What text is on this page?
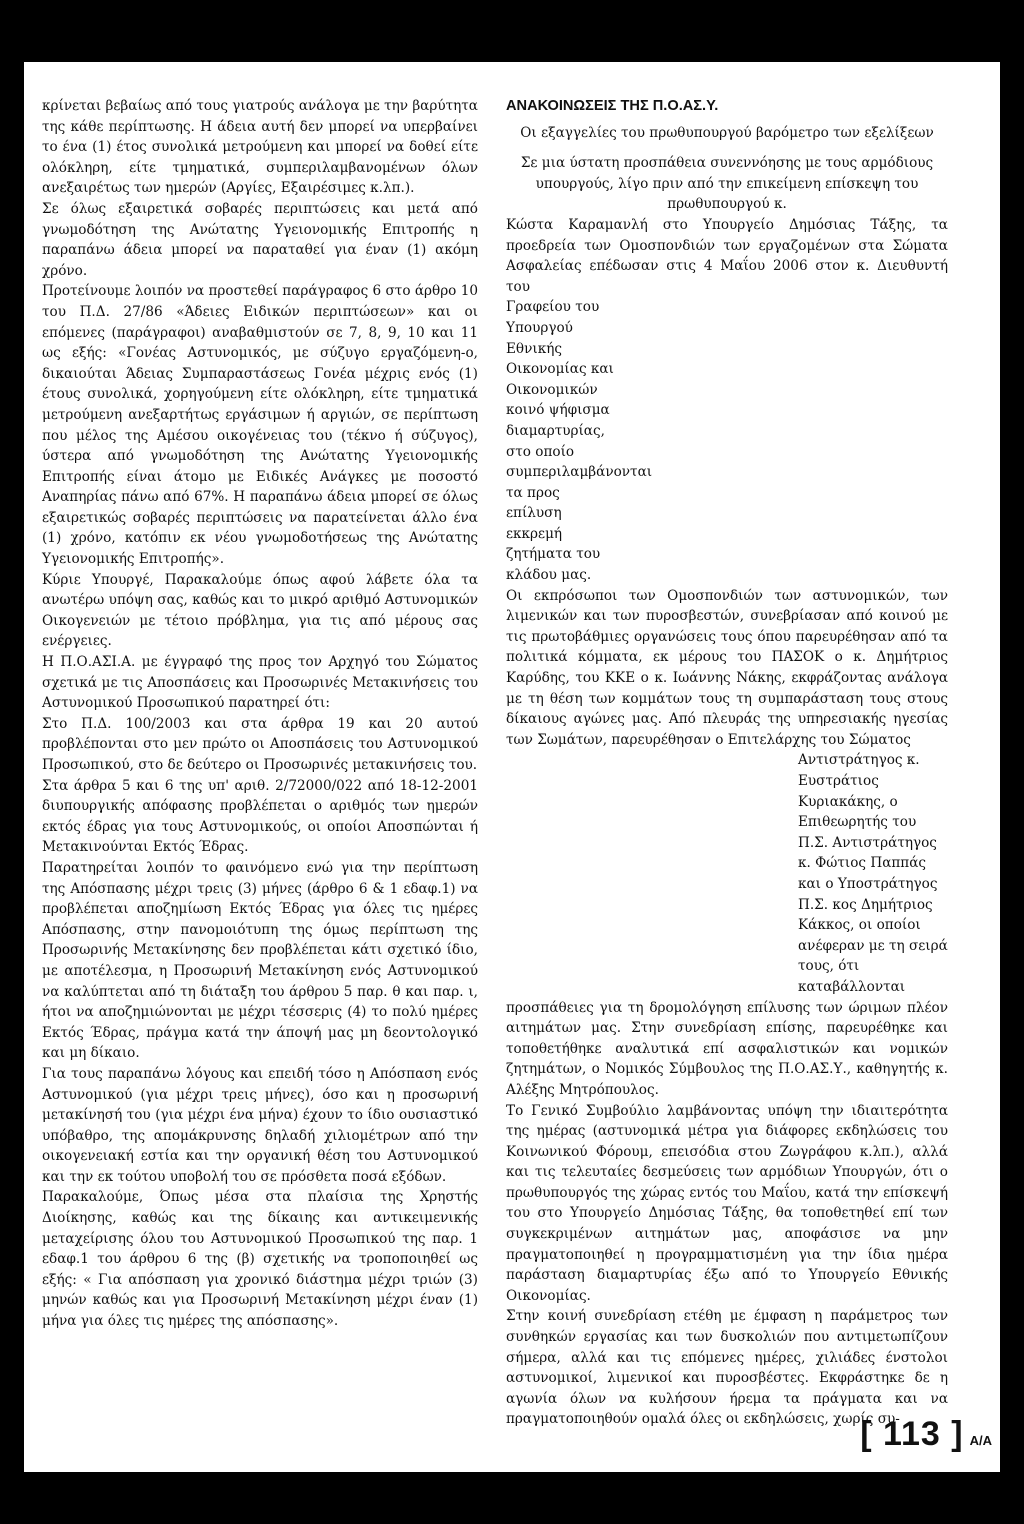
κρίνεται βεβαίως από τους γιατρούς ανάλογα με την βαρύτητα της κάθε περίπτωσης. Η άδεια αυτή δεν μπορεί να υπερβαίνει το ένα (1) έτος συνολικά μετρούμενη και μπορεί να δοθεί είτε ολόκληρη, είτε τμηματικά, συμπεριλαμβανομένων όλων ανεξαιρέτως των ημερών (Αργίες, Εξαιρέσιμες κ.λπ.).

Σε όλως εξαιρετικά σοβαρές περιπτώσεις και μετά από γνωμοδότηση της Ανώτατης Υγειονομικής Επιτροπής η παραπάνω άδεια μπορεί να παραταθεί για έναν (1) ακόμη χρόνο.

Προτείνουμε λοιπόν να προστεθεί παράγραφος 6 στο άρθρο 10 του Π.Δ. 27/86 «Άδειες Ειδικών περιπτώσεων» και οι επόμενες (παράγραφοι) αναβαθμιστούν σε 7, 8, 9, 10 και 11 ως εξής: «Γονέας Αστυνομικός, με σύζυγο εργαζόμενη-ο, δικαιούται Άδειας Συμπαραστάσεως Γονέα μέχρις ενός (1) έτους συνολικά, χορηγούμενη είτε ολόκληρη, είτε τμηματικά μετρούμενη ανεξαρτήτως εργάσιμων ή αργιών, σε περίπτωση που μέλος της Αμέσου οικογένειας του (τέκνο ή σύζυγος), ύστερα από γνωμοδότηση της Ανώτατης Υγειονομικής Επιτροπής είναι άτομο με Ειδικές Ανάγκες με ποσοστό Αναπηρίας πάνω από 67%. Η παραπάνω άδεια μπορεί σε όλως εξαιρετικώς σοβαρές περιπτώσεις να παρατείνεται άλλο ένα (1) χρόνο, κατόπιν εκ νέου γνωμοδοτήσεως της Ανώτατης Υγειονομικής Επιτροπής».

Κύριε Υπουργέ, Παρακαλούμε όπως αφού λάβετε όλα τα ανωτέρω υπόψη σας, καθώς και το μικρό αριθμό Αστυνομικών Οικογενειών με τέτοιο πρόβλημα, για τις από μέρους σας ενέργειες.

Η Π.Ο.ΑΣΙ.Α. με έγγραφό της προς τον Αρχηγό του Σώματος σχετικά με τις Αποσπάσεις και Προσωρινές Μετακινήσεις του Αστυνομικού Προσωπικού παρατηρεί ότι:

Στο Π.Δ. 100/2003 και στα άρθρα 19 και 20 αυτού προβλέπονται στο μεν πρώτο οι Αποσπάσεις του Αστυνομικού Προσωπικού, στο δε δεύτερο οι Προσωρινές μετακινήσεις του.

Στα άρθρα 5 και 6 της υπ' αριθ. 2/72000/022 από 18-12-2001 διυπουργικής απόφασης προβλέπεται ο αριθμός των ημερών εκτός έδρας για τους Αστυνομικούς, οι οποίοι Αποσπώνται ή Μετακινούνται Εκτός Έδρας.

Παρατηρείται λοιπόν το φαινόμενο ενώ για την περίπτωση της Απόσπασης μέχρι τρεις (3) μήνες (άρθρο 6 & 1 εδαφ.1) να προβλέπεται αποζημίωση Εκτός Έδρας για όλες τις ημέρες Απόσπασης, στην πανομοιότυπη της όμως περίπτωση της Προσωρινής Μετακίνησης δεν προβλέπεται κάτι σχετικό ίδιο, με αποτέλεσμα, η Προσωρινή Μετακίνηση ενός Αστυνομικού να καλύπτεται από τη διάταξη του άρθρου 5 παρ. θ και παρ. ι, ήτοι να αποζημιώνονται με μέχρι τέσσερις (4) το πολύ ημέρες Εκτός Έδρας, πράγμα κατά την άποψή μας μη δεοντολογικό και μη δίκαιο.

Για τους παραπάνω λόγους και επειδή τόσο η Απόσπαση ενός Αστυνομικού (για μέχρι τρεις μήνες), όσο και η προσωρινή μετακίνησή του (για μέχρι ένα μήνα) έχουν το ίδιο ουσιαστικό υπόβαθρο, της απομάκρυνσης δηλαδή χιλιομέτρων από την οικογενειακή εστία και την οργανική θέση του Αστυνομικού και την εκ τούτου υποβολή του σε πρόσθετα ποσά εξόδων.

Παρακαλούμε, Όπως μέσα στα πλαίσια της Χρηστής Διοίκησης, καθώς και της δίκαιης και αντικειμενικής μεταχείρισης όλου του Αστυνομικού Προσωπικού της παρ. 1 εδαφ.1 του άρθρου 6 της (β) σχετικής να τροποποιηθεί ως εξής: « Για απόσπαση για χρονικό διάστημα μέχρι τριών (3) μηνών καθώς και για Προσωρινή Μετακίνηση μέχρι έναν (1) μήνα για όλες τις ημέρες της απόσπασης».

ΑΝΑΚΟΙΝΩΣΕΙΣ ΤΗΣ Π.Ο.ΑΣ.Υ.

Οι εξαγγελίες του πρωθυπουργού βαρόμετρο των εξελίξεων

Σε μια ύστατη προσπάθεια συνεννόησης με τους αρμόδιους υπουργούς, λίγο πριν από την επικείμενη επίσκεψη του πρωθυπουργού κ.

Κώστα Καραμανλή στο Υπουργείο Δημόσιας Τάξης, τα προεδρεία των Ομοσπονδιών των εργαζομένων στα Σώματα Ασφαλείας επέδωσαν στις 4 Μαΐου 2006 στον κ. Διευθυντή του

Γραφείου του Υπουργού Εθνικής Οικονομίας και Οικονομικών κοινό ψήφισμα διαμαρτυρίας, στο οποίο συμπεριλαμβάνονται τα προς επίλυση εκκρεμή ζητήματα του κλάδου μας.

Οι εκπρόσωποι των Ομοσπονδιών των αστυνομικών, των λιμενικών και των πυροσβεστών, συνεβρίασαν από κοινού με τις πρωτοβάθμιες οργανώσεις τους όπου παρευρέθησαν από τα πολιτικά κόμματα, εκ μέρους του ΠΑΣΟΚ ο κ. Δημήτριος Καρύδης, του ΚΚΕ ο κ. Ιωάννης Νάκης, εκφράζοντας ανάλογα με τη θέση των κομμάτων τους τη συμπαράσταση τους στους δίκαιους αγώνες μας. Από πλευράς της υπηρεσιακής ηγεσίας των Σωμάτων, παρευρέθησαν ο Επιτελάρχης του Σώματος

Αντιστράτηγος κ. Ευστράτιος Κυριακάκης, ο Επιθεωρητής του Π.Σ. Αντιστράτηγος κ. Φώτιος Παππάς και ο Υποστράτηγος Π.Σ. κος Δημήτριος Κάκκος, οι οποίοι ανέφεραν με τη σειρά τους, ότι καταβάλλονται

προσπάθειες για τη δρομολόγηση επίλυσης των ώριμων πλέον αιτημάτων μας. Στην συνεδρίαση επίσης, παρευρέθηκε και τοποθετήθηκε αναλυτικά επί ασφαλιστικών και νομικών ζητημάτων, ο Νομικός Σύμβουλος της Π.Ο.ΑΣ.Υ., καθηγητής κ. Αλέξης Μητρόπουλος.

Το Γενικό Συμβούλιο λαμβάνοντας υπόψη την ιδιαιτερότητα της ημέρας (αστυνομικά μέτρα για διάφορες εκδηλώσεις του Κοινωνικού Φόρουμ, επεισόδια στου Ζωγράφου κ.λπ.), αλλά και τις τελευταίες δεσμεύσεις των αρμόδιων Υπουργών, ότι ο πρωθυπουργός της χώρας εντός του Μαΐου, κατά την επίσκεψή του στο Υπουργείο Δημόσιας Τάξης, θα τοποθετηθεί επί των συγκεκριμένων αιτημάτων μας, αποφάσισε να μην πραγματοποιηθεί η προγραμματισμένη για την ίδια ημέρα παράσταση διαμαρτυρίας έξω από το Υπουργείο Εθνικής Οικονομίας.

Στην κοινή συνεδρίαση ετέθη με έμφαση η παράμετρος των συνθηκών εργασίας και των δυσκολιών που αντιμετωπίζουν σήμερα, αλλά και τις επόμενες ημέρες, χιλιάδες ένστολοι αστυνομικοί, λιμενικοί και πυροσβέστες. Εκφράστηκε δε η αγωνία όλων να κυλήσουν ήρεμα τα πράγματα και να πραγματοποιηθούν ομαλά όλες οι εκδηλώσεις, χωρίς συ-

[ 113 ] A/A
